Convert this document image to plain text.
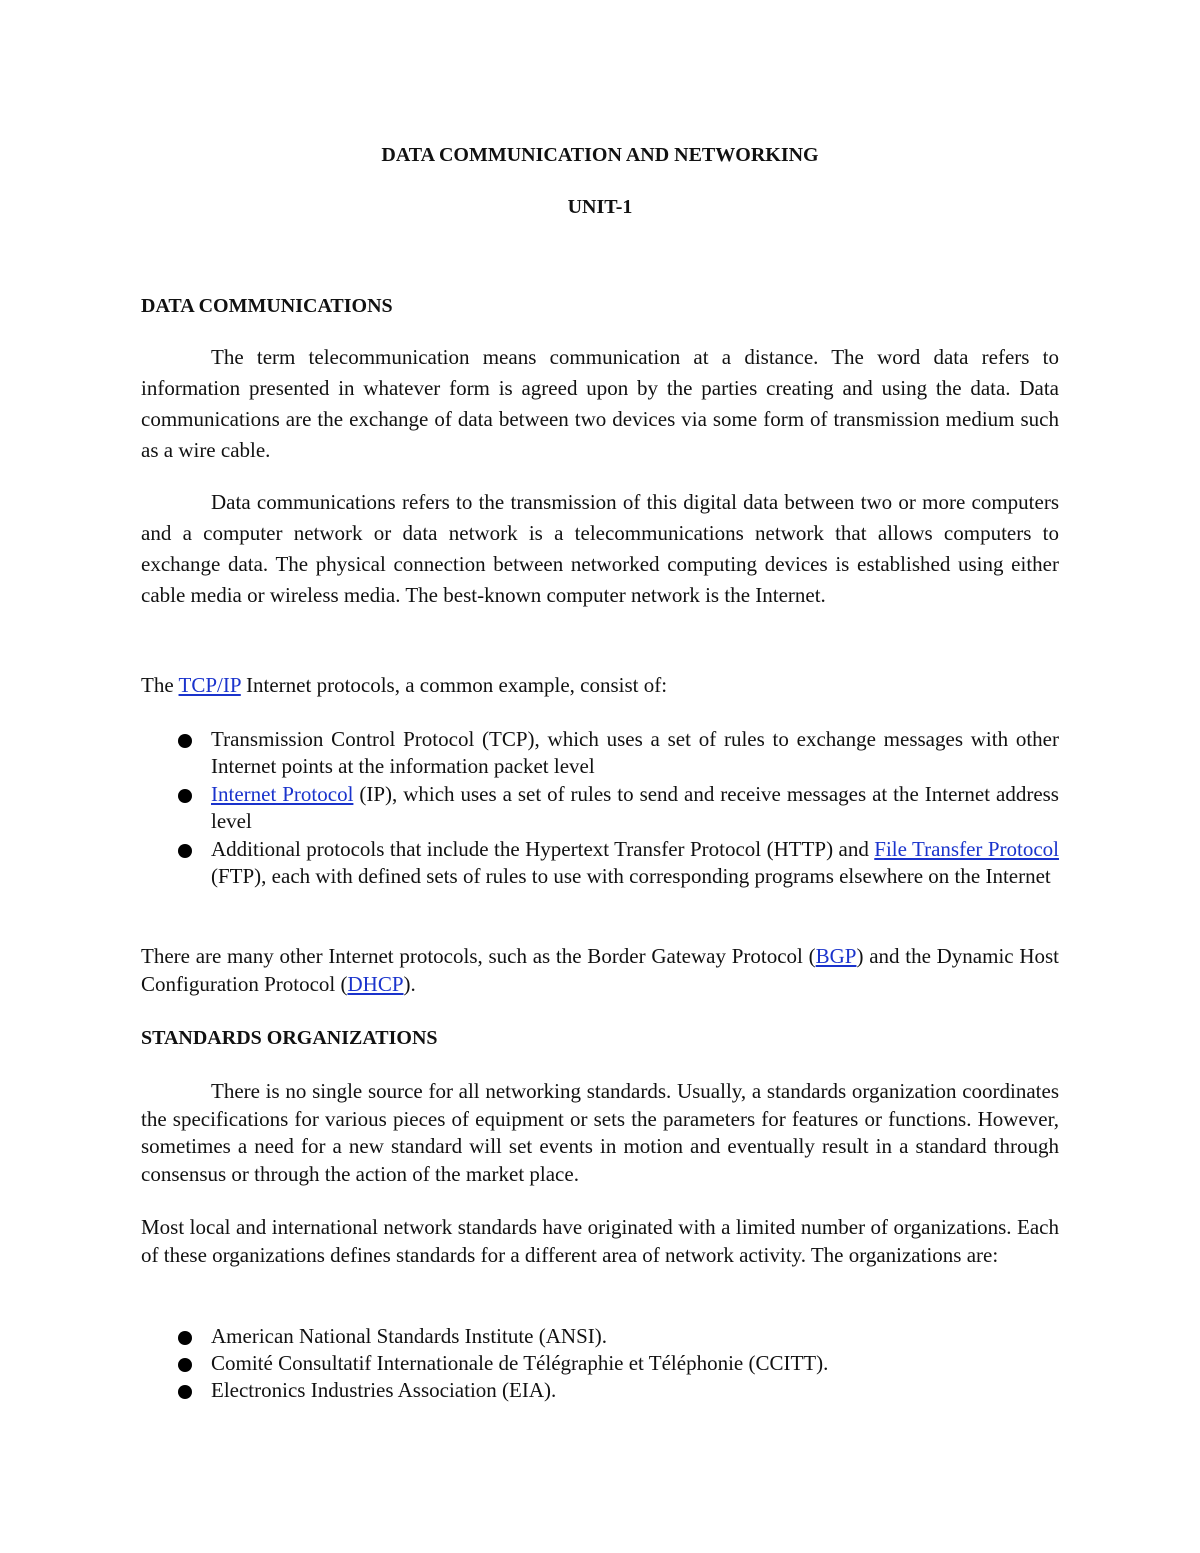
DATA COMMUNICATION AND NETWORKING
UNIT-1
DATA COMMUNICATIONS

The term telecommunication means communication at a distance. The word data refers to information presented in whatever form is agreed upon by the parties creating and using the data. Data communications are the exchange of data between two devices via some form of transmission medium such as a wire cable.

Data communications refers to the transmission of this digital data between two or more computers and a computer network or data network is a telecommunications network that allows computers to exchange data. The physical connection between networked computing devices is established using either cable media or wireless media. The best-known computer network is the Internet.

The TCP/IP Internet protocols, a common example, consist of:

Transmission Control Protocol (TCP), which uses a set of rules to exchange messages with other Internet points at the information packet level
Internet Protocol (IP), which uses a set of rules to send and receive messages at the Internet address level
Additional protocols that include the Hypertext Transfer Protocol (HTTP) and File Transfer Protocol (FTP), each with defined sets of rules to use with corresponding programs elsewhere on the Internet

There are many other Internet protocols, such as the Border Gateway Protocol (BGP) and the Dynamic Host Configuration Protocol (DHCP).

STANDARDS ORGANIZATIONS

There is no single source for all networking standards. Usually, a standards organization coordinates the specifications for various pieces of equipment or sets the parameters for features or functions. However, sometimes a need for a new standard will set events in motion and eventually result in a standard through consensus or through the action of the market place.

Most local and international network standards have originated with a limited number of organizations. Each of these organizations defines standards for a different area of network activity. The organizations are:

American National Standards Institute (ANSI).
Comité Consultatif Internationale de Télégraphie et Téléphonie (CCITT).
Electronics Industries Association (EIA).
